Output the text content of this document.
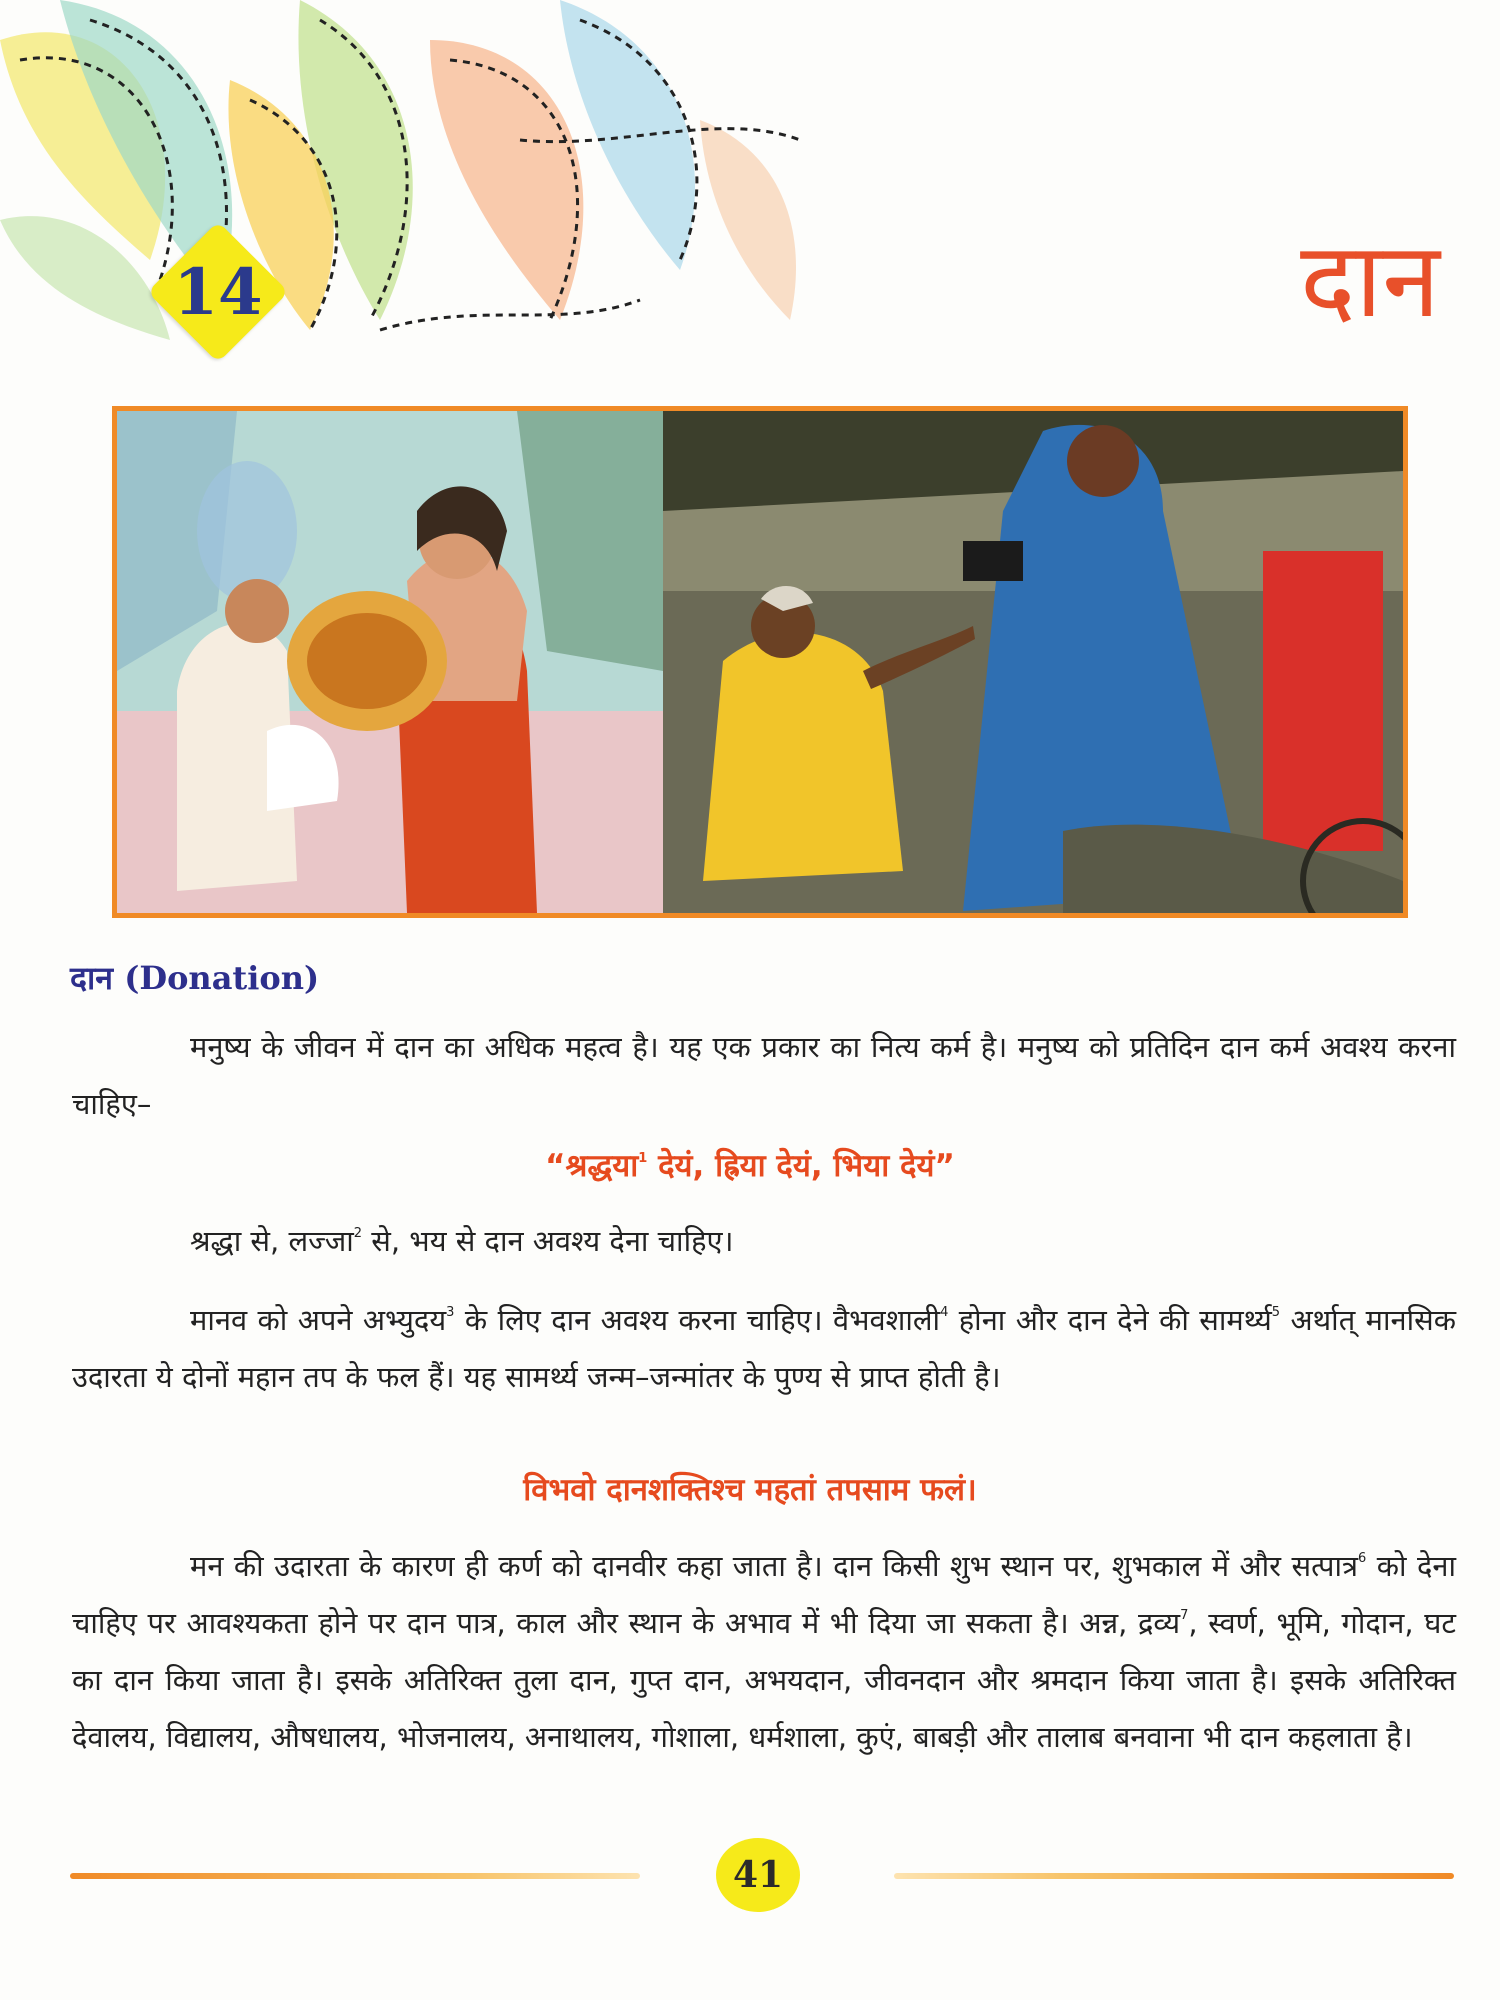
14	दान
दान (Donation)
मनुष्य के जीवन में दान का अधिक महत्व है। यह एक प्रकार का नित्य कर्म है। मनुष्य को प्रतिदिन दान कर्म अवश्य करना चाहिए–
“श्रद्धया$^1$ देयं, ह्रिया देयं, भिया देयं”
श्रद्धा से, लज्जा$^2$ से, भय से दान अवश्य देना चाहिए।
मानव को अपने अभ्युदय$^3$ के लिए दान अवश्य करना चाहिए। वैभवशाली$^4$ होना और दान देने की सामर्थ्य$^5$ अर्थात् मानसिक उदारता ये दोनों महान तप के फल हैं। यह सामर्थ्य जन्म–जन्मांतर के पुण्य से प्राप्त होती है।
विभवो दानशक्तिश्च महतां तपसाम फलं।
मन की उदारता के कारण ही कर्ण को दानवीर कहा जाता है। दान किसी शुभ स्थान पर, शुभकाल में और सत्पात्र$^6$ को देना चाहिए पर आवश्यकता होने पर दान पात्र, काल और स्थान के अभाव में भी दिया जा सकता है। अन्न, द्रव्य$^7$, स्वर्ण, भूमि, गोदान, घट का दान किया जाता है। इसके अतिरिक्त तुला दान, गुप्त दान, अभयदान, जीवनदान और श्रमदान किया जाता है। इसके अतिरिक्त देवालय, विद्यालय, औषधालय, भोजनालय, अनाथालय, गोशाला, धर्मशाला, कुएं, बाबड़ी और तालाब बनवाना भी दान कहलाता है।
41
